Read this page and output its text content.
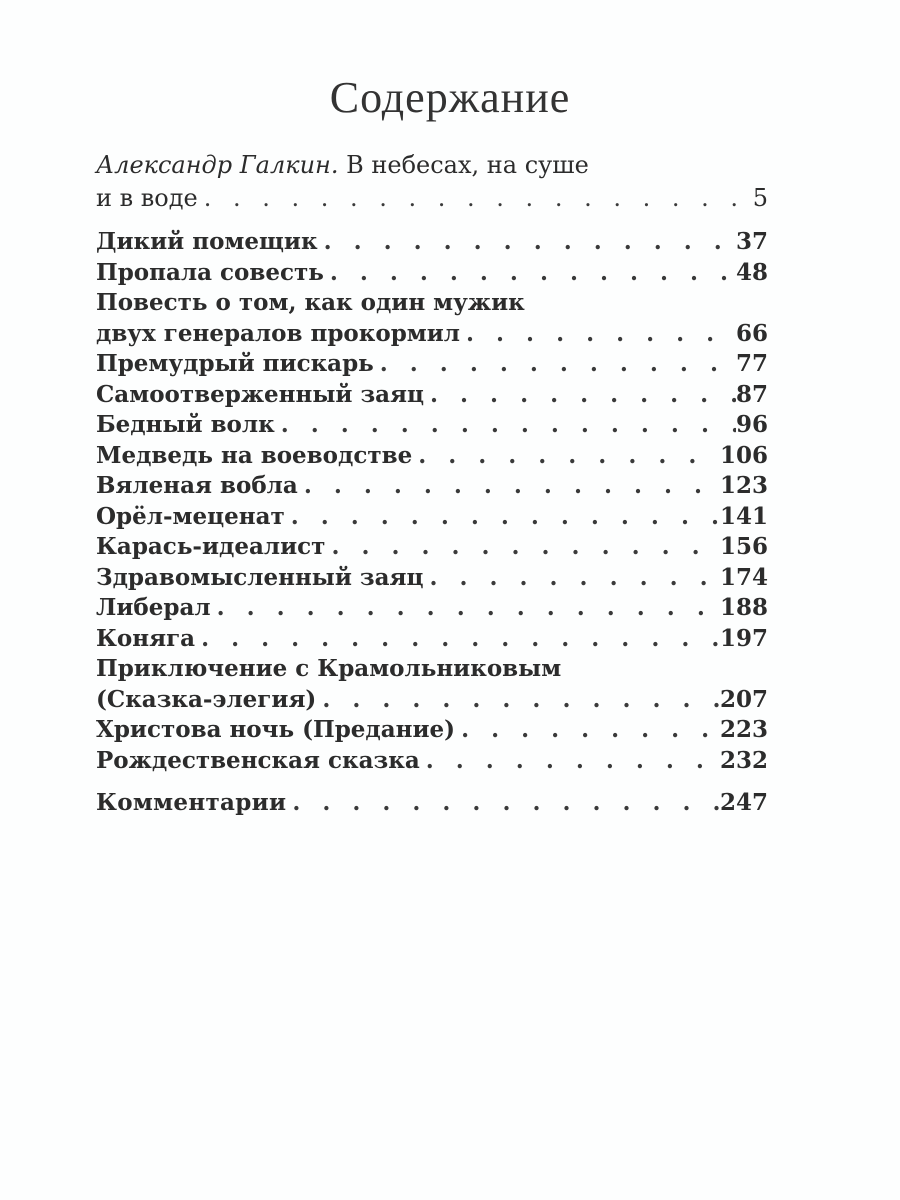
Содержание
Александр Галкин. В небесах, на суше
и в воде . . .	5
Дикий помещик . . .	37
Пропала совесть . . .	48
Повесть о том, как один мужик
двух генералов прокормил . . .	66
Премудрый пискарь . . .	77
Самоотверженный заяц . . .	87
Бедный волк . . .	96
Медведь на воеводстве . . .	106
Вяленая вобла . . .	123
Орёл-меценат . . .	141
Карась-идеалист . . .	156
Здравомысленный заяц . . .	174
Либерал . . .	188
Коняга . . .	197
Приключение с Крамольниковым
(Сказка-элегия) . . .	207
Христова ночь (Предание) . . .	223
Рождественская сказка . . .	232
Комментарии . . .	247
